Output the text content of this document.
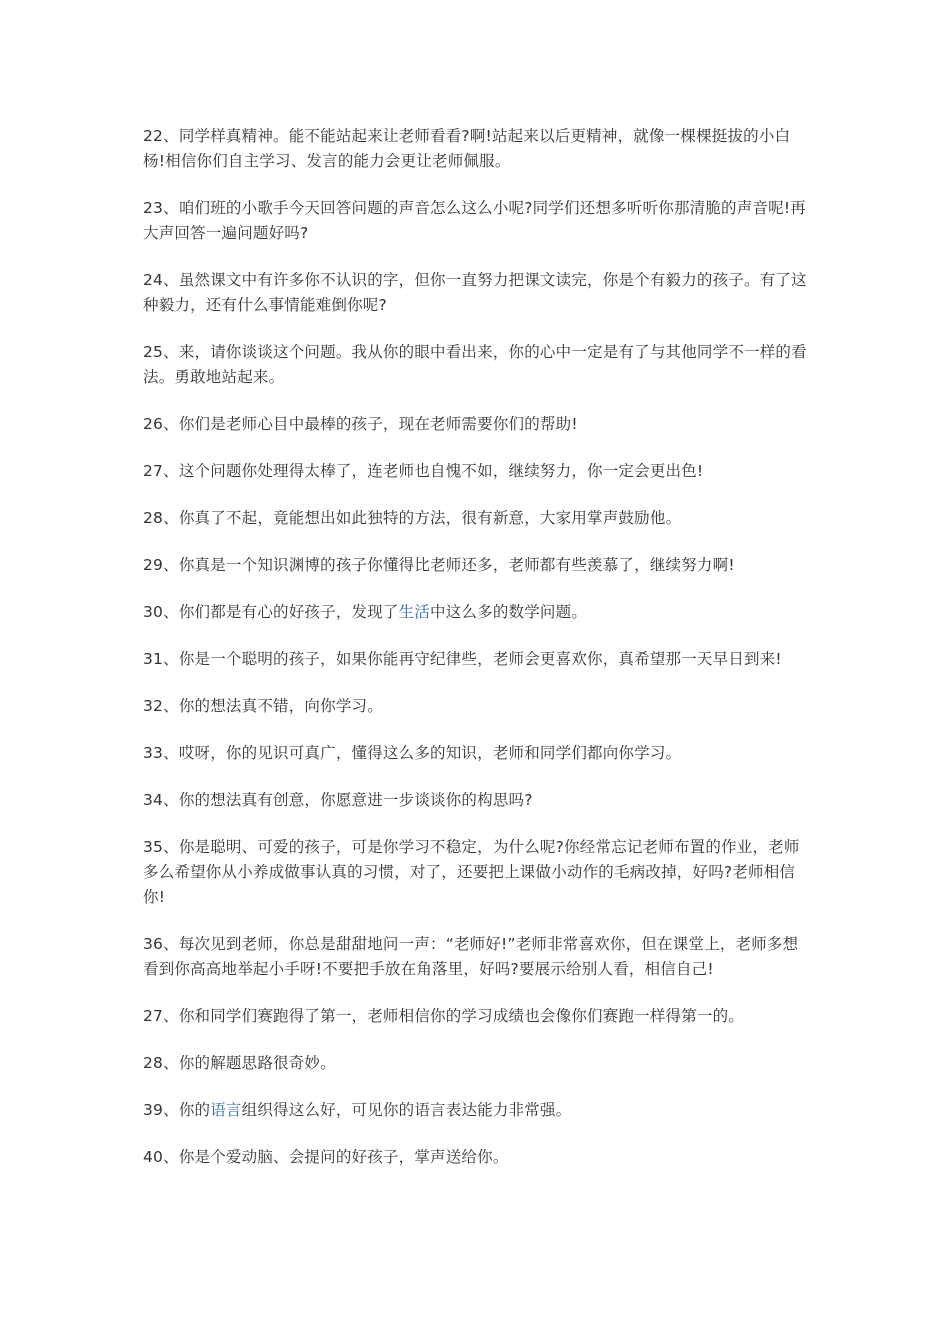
22、同学样真精神。能不能站起来让老师看看?啊!站起来以后更精神，就像一棵棵挺拔的小白杨!相信你们自主学习、发言的能力会更让老师佩服。

23、咱们班的小歌手今天回答问题的声音怎么这么小呢?同学们还想多听听你那清脆的声音呢!再大声回答一遍问题好吗?

24、虽然课文中有许多你不认识的字，但你一直努力把课文读完，你是个有毅力的孩子。有了这种毅力，还有什么事情能难倒你呢?

25、来，请你谈谈这个问题。我从你的眼中看出来，你的心中一定是有了与其他同学不一样的看法。勇敢地站起来。

26、你们是老师心目中最棒的孩子，现在老师需要你们的帮助!

27、这个问题你处理得太棒了，连老师也自愧不如，继续努力，你一定会更出色!

28、你真了不起，竟能想出如此独特的方法，很有新意，大家用掌声鼓励他。

29、你真是一个知识渊博的孩子你懂得比老师还多，老师都有些羡慕了，继续努力啊!

30、你们都是有心的好孩子，发现了生活中这么多的数学问题。

31、你是一个聪明的孩子，如果你能再守纪律些，老师会更喜欢你，真希望那一天早日到来!

32、你的想法真不错，向你学习。

33、哎呀，你的见识可真广，懂得这么多的知识，老师和同学们都向你学习。

34、你的想法真有创意，你愿意进一步谈谈你的构思吗?

35、你是聪明、可爱的孩子，可是你学习不稳定，为什么呢?你经常忘记老师布置的作业，老师多么希望你从小养成做事认真的习惯，对了，还要把上课做小动作的毛病改掉，好吗?老师相信你!

36、每次见到老师，你总是甜甜地问一声：“老师好!”老师非常喜欢你，但在课堂上，老师多想看到你高高地举起小手呀!不要把手放在角落里，好吗?要展示给别人看，相信自己!

27、你和同学们赛跑得了第一，老师相信你的学习成绩也会像你们赛跑一样得第一的。

28、你的解题思路很奇妙。

39、你的语言组织得这么好，可见你的语言表达能力非常强。

40、你是个爱动脑、会提问的好孩子，掌声送给你。
